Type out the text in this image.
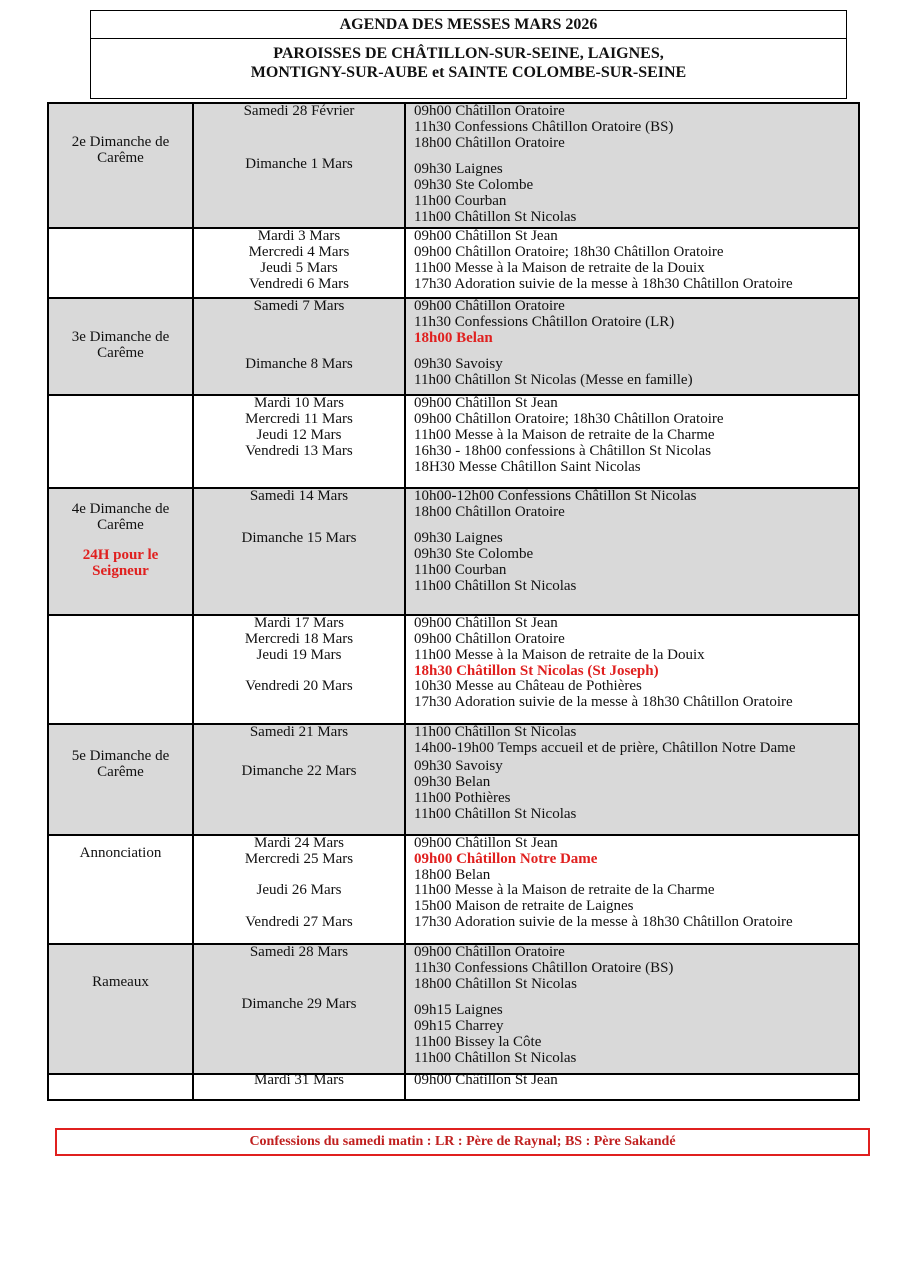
AGENDA DES MESSES MARS 2026
PAROISSES DE CHÂTILLON-SUR-SEINE, LAIGNES,
MONTIGNY-SUR-AUBE et SAINTE COLOMBE-SUR-SEINE
2e Dimanche de
Carême
Samedi 28 Février
Dimanche 1 Mars
09h00 Châtillon Oratoire
11h30 Confessions Châtillon Oratoire (BS)
18h00 Châtillon Oratoire
09h30 Laignes
09h30 Ste Colombe
11h00 Courban
11h00 Châtillon St Nicolas
Mardi 3 Mars
Mercredi 4 Mars
Jeudi 5 Mars
Vendredi 6 Mars
09h00 Châtillon St Jean
09h00 Châtillon Oratoire; 18h30 Châtillon Oratoire
11h00 Messe à la Maison de retraite de la Douix
17h30 Adoration suivie de la messe à 18h30 Châtillon Oratoire
3e Dimanche de
Carême
Samedi 7 Mars
Dimanche 8 Mars
09h00 Châtillon Oratoire
11h30 Confessions Châtillon Oratoire (LR)
18h00 Belan
09h30 Savoisy
11h00 Châtillon St Nicolas (Messe en famille)
Mardi 10 Mars
Mercredi 11 Mars
Jeudi 12 Mars
Vendredi 13 Mars
09h00 Châtillon St Jean
09h00 Châtillon Oratoire; 18h30 Châtillon Oratoire
11h00 Messe à la Maison de retraite de la Charme
16h30 - 18h00 confessions à Châtillon St Nicolas
18H30 Messe Châtillon Saint Nicolas
4e Dimanche de
Carême
24H pour le
Seigneur
Samedi 14 Mars
Dimanche 15 Mars
10h00-12h00 Confessions Châtillon St Nicolas
18h00 Châtillon Oratoire
09h30 Laignes
09h30 Ste Colombe
11h00 Courban
11h00 Châtillon St Nicolas
Mardi 17 Mars
Mercredi 18 Mars
Jeudi 19 Mars
Vendredi 20 Mars
09h00 Châtillon St Jean
09h00 Châtillon Oratoire
11h00 Messe à la Maison de retraite de la Douix
18h30 Châtillon St Nicolas (St Joseph)
10h30 Messe au Château de Pothières
17h30 Adoration suivie de la messe à 18h30 Châtillon Oratoire
5e Dimanche de
Carême
Samedi 21 Mars
Dimanche 22 Mars
11h00 Châtillon St Nicolas
14h00-19h00 Temps accueil et de prière, Châtillon Notre Dame
09h30 Savoisy
09h30 Belan
11h00 Pothières
11h00 Châtillon St Nicolas
Annonciation
Mardi 24 Mars
Mercredi 25 Mars
Jeudi 26 Mars
Vendredi 27 Mars
09h00 Châtillon St Jean
09h00 Châtillon Notre Dame
18h00 Belan
11h00 Messe à la Maison de retraite de la Charme
15h00 Maison de retraite de Laignes
17h30 Adoration suivie de la messe à 18h30 Châtillon Oratoire
Rameaux
Samedi 28 Mars
Dimanche 29 Mars
09h00 Châtillon Oratoire
11h30 Confessions Châtillon Oratoire (BS)
18h00 Châtillon St Nicolas
09h15 Laignes
09h15 Charrey
11h00 Bissey la Côte
11h00 Châtillon St Nicolas
Mardi 31 Mars	09h00 Châtillon St Jean
Confessions du samedi matin : LR : Père de Raynal; BS : Père Sakandé
